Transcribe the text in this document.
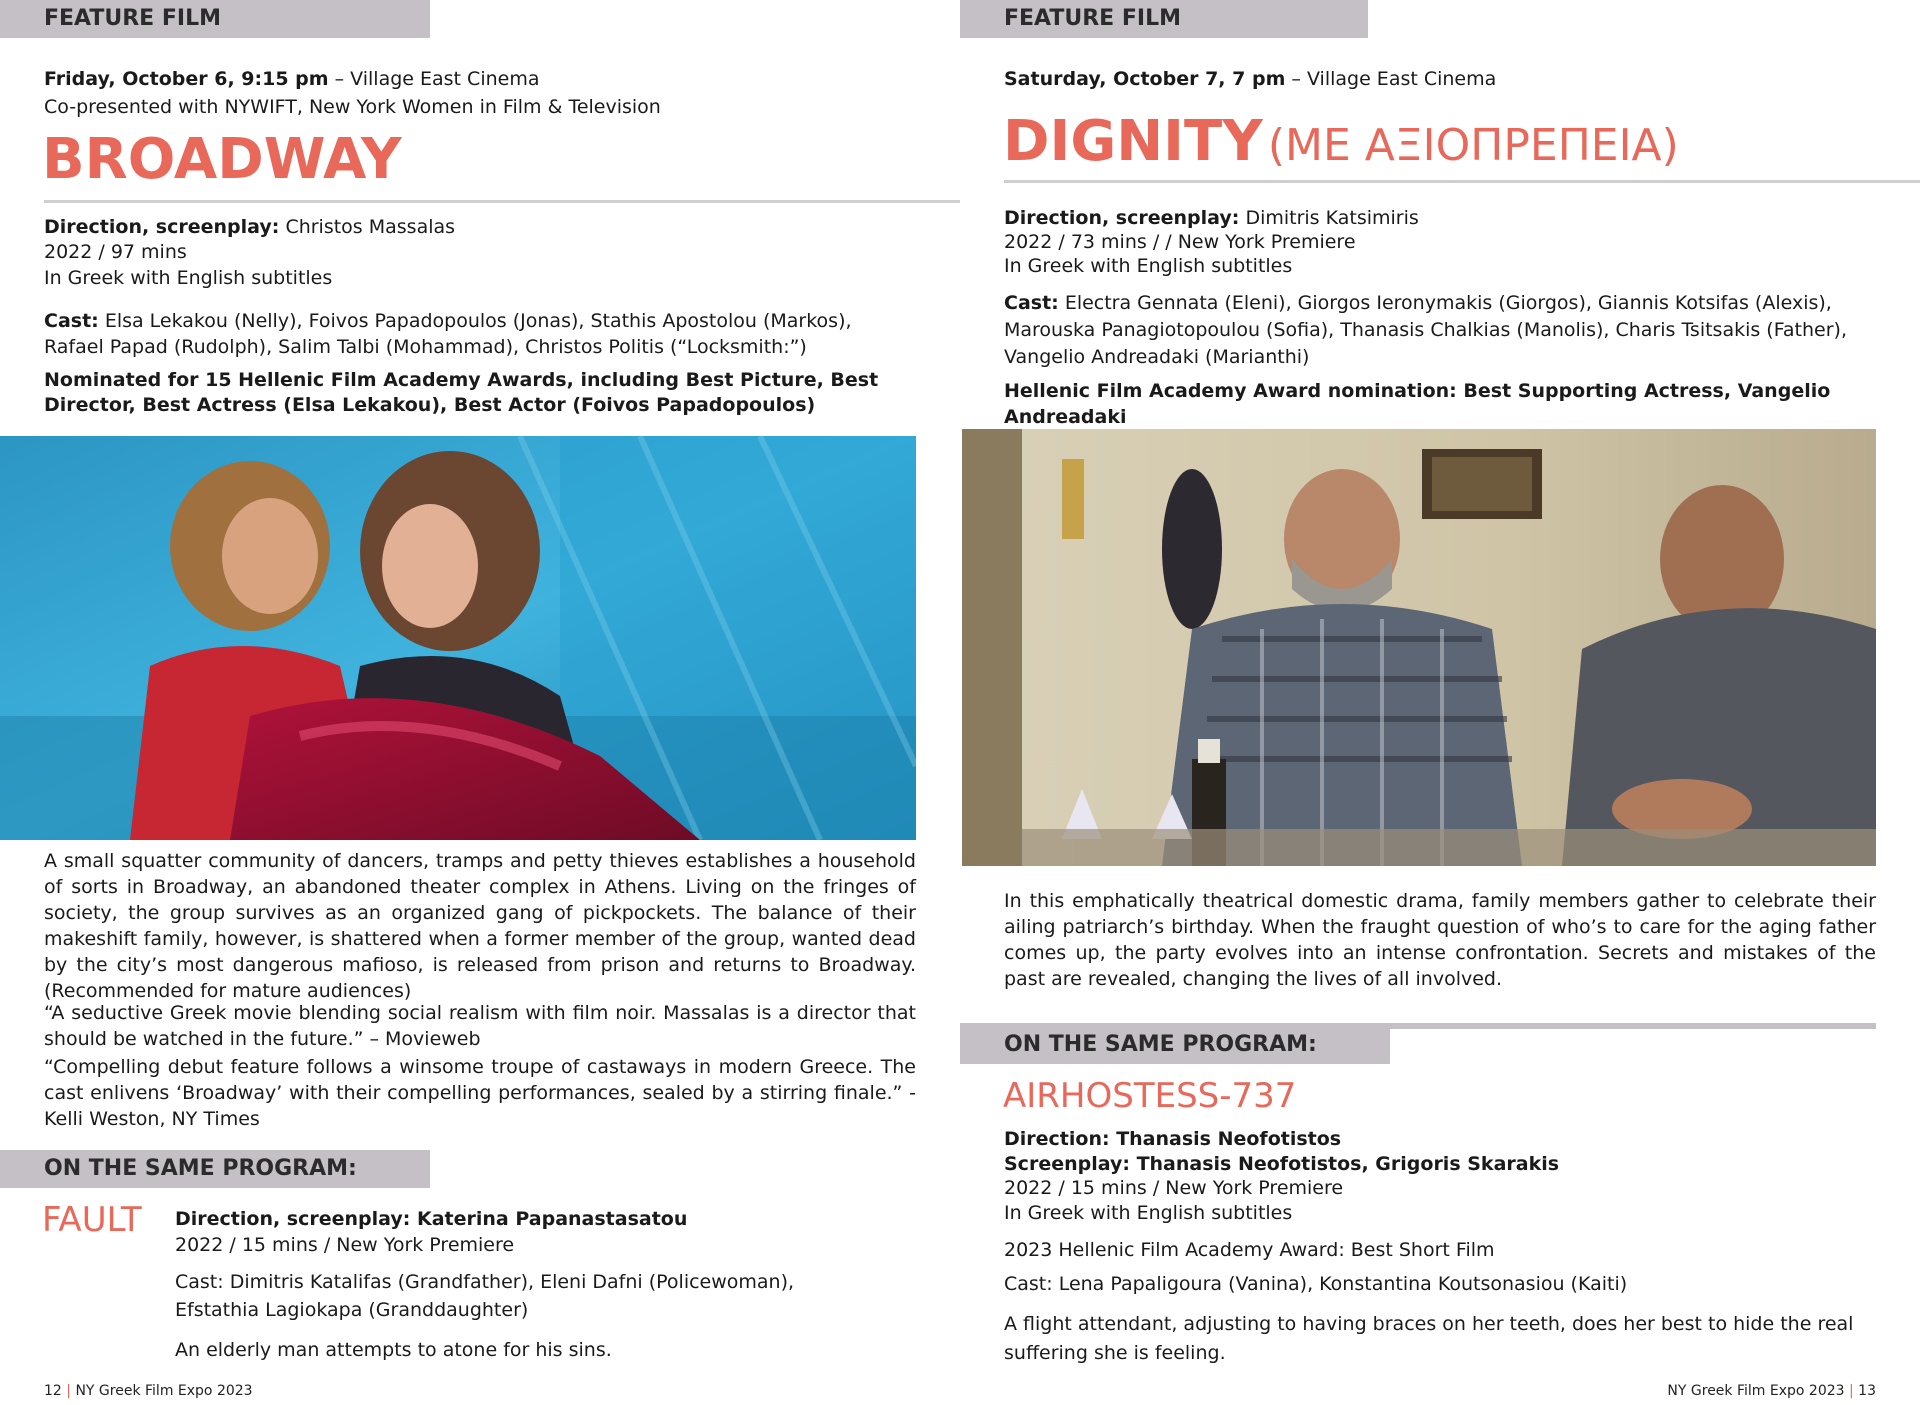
FEATURE FILM
Friday, October 6, 9:15 pm – Village East Cinema
Co-presented with NYWIFT, New York Women in Film & Television
BROADWAY
Direction, screenplay: Christos Massalas
2022 / 97 mins
In Greek with English subtitles
Cast: Elsa Lekakou (Nelly), Foivos Papadopoulos (Jonas), Stathis Apostolou (Markos), Rafael Papad (Rudolph), Salim Talbi (Mohammad), Christos Politis (“Locksmith:”)
Nominated for 15 Hellenic Film Academy Awards, including Best Picture, Best Director, Best Actress (Elsa Lekakou), Best Actor (Foivos Papadopoulos)
A small squatter community of dancers, tramps and petty thieves establishes a household of sorts in Broadway, an abandoned theater complex in Athens. Living on the fringes of society, the group survives as an organized gang of pickpockets. The balance of their makeshift family, however, is shattered when a former member of the group, wanted dead by the city’s most dangerous mafioso, is released from prison and returns to Broadway. (Recommended for mature audiences)
“A seductive Greek movie blending social realism with film noir. Massalas is a director that should be watched in the future.” – Movieweb
“Compelling debut feature follows a winsome troupe of castaways in modern Greece. The cast enlivens ‘Broadway’ with their compelling performances, sealed by a stirring finale.” - Kelli Weston, NY Times
ON THE SAME PROGRAM:
FAULT Direction, screenplay: Katerina Papanastasatou
2022 / 15 mins / New York Premiere
Cast: Dimitris Katalifas (Grandfather), Eleni Dafni (Policewoman), Efstathia Lagiokapa (Granddaughter)
An elderly man attempts to atone for his sins.
12 | NY Greek Film Expo 2023
FEATURE FILM
Saturday, October 7, 7 pm – Village East Cinema
DIGNITY (ΜΕ ΑΞΙΟΠΡΕΠΕΙΑ)
Direction, screenplay: Dimitris Katsimiris
2022 / 73 mins / / New York Premiere
In Greek with English subtitles
Cast: Electra Gennata (Eleni), Giorgos Ieronymakis (Giorgos), Giannis Kotsifas (Alexis), Marouska Panagiotopoulou (Sofia), Thanasis Chalkias (Manolis), Charis Tsitsakis (Father), Vangelio Andreadaki (Marianthi)
Hellenic Film Academy Award nomination: Best Supporting Actress, Vangelio Andreadaki
In this emphatically theatrical domestic drama, family members gather to celebrate their ailing patriarch’s birthday. When the fraught question of who’s to care for the aging father comes up, the party evolves into an intense confrontation. Secrets and mistakes of the past are revealed, changing the lives of all involved.
ON THE SAME PROGRAM:
AIRHOSTESS-737
Direction: Thanasis Neofotistos
Screenplay: Thanasis Neofotistos, Grigoris Skarakis
2022 / 15 mins / New York Premiere
In Greek with English subtitles
2023 Hellenic Film Academy Award: Best Short Film
Cast: Lena Papaligoura (Vanina), Konstantina Koutsonasiou (Kaiti)
A flight attendant, adjusting to having braces on her teeth, does her best to hide the real suffering she is feeling.
NY Greek Film Expo 2023 | 13
